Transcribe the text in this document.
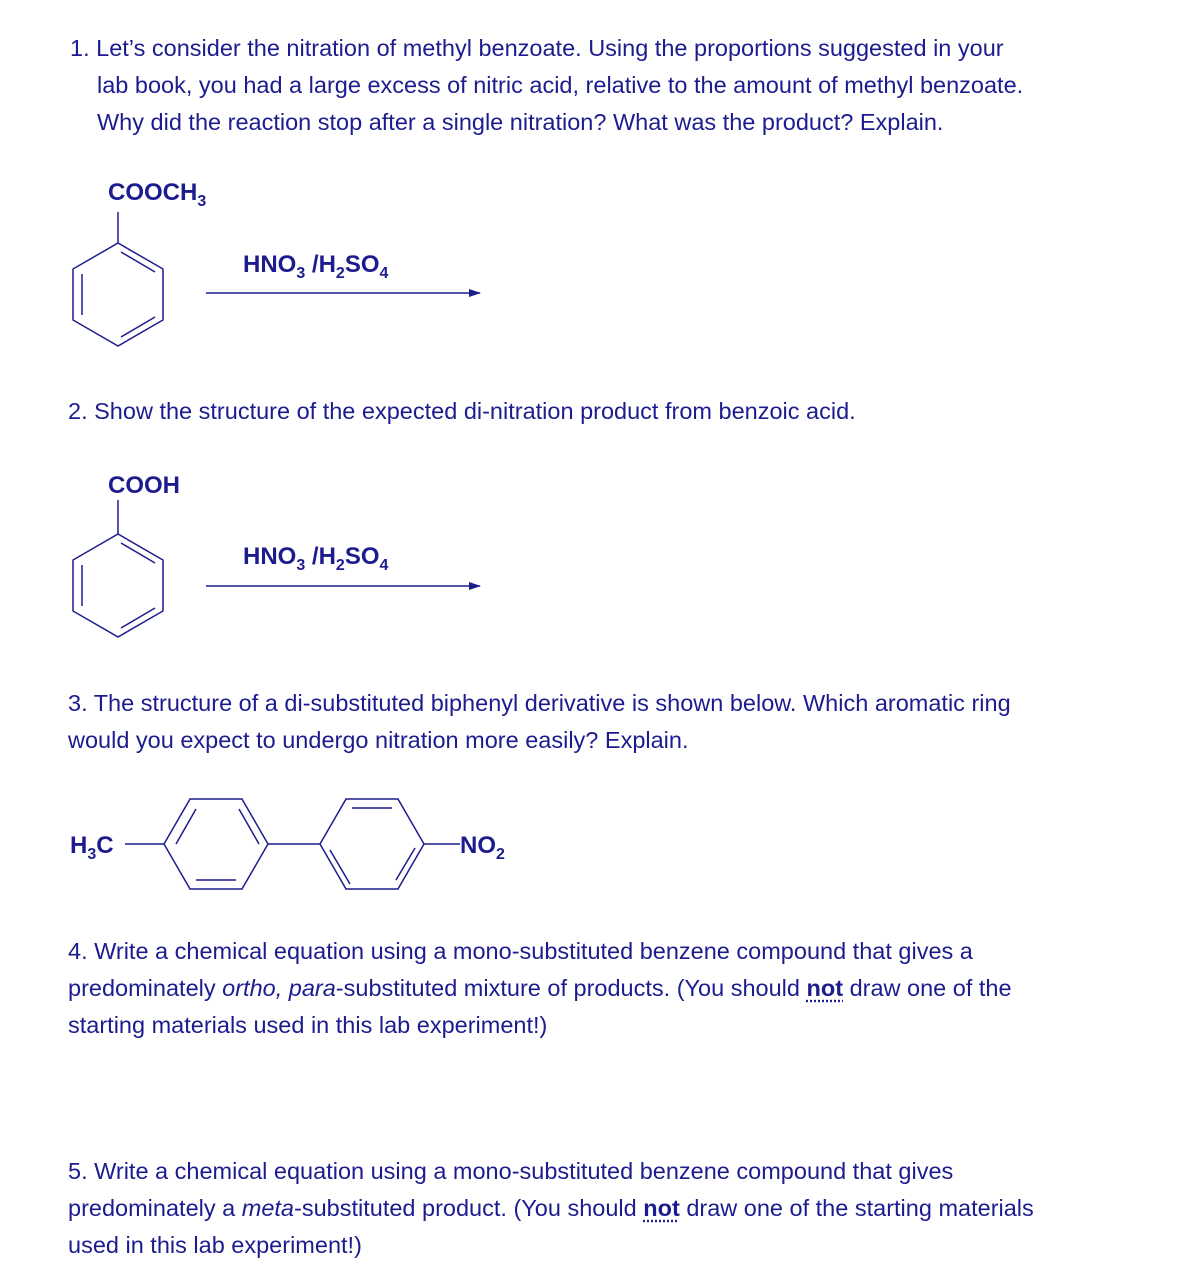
1. Let’s consider the nitration of methyl benzoate. Using the proportions suggested in your
lab book, you had a large excess of nitric acid, relative to the amount of methyl benzoate.
Why did the reaction stop after a single nitration? What was the product? Explain.
2. Show the structure of the expected di-nitration product from benzoic acid.
3. The structure of a di-substituted biphenyl derivative is shown below. Which aromatic ring
would you expect to undergo nitration more easily? Explain.
4. Write a chemical equation using a mono-substituted benzene compound that gives a
predominately ortho, para-substituted mixture of products. (You should not draw one of the
starting materials used in this lab experiment!)
5. Write a chemical equation using a mono-substituted benzene compound that gives
predominately a meta-substituted product. (You should not draw one of the starting materials
used in this lab experiment!)
$COOCH_3$
$HNO_3$ $/H_2SO_4$
COOH
$HNO_3$ $/H_2SO_4$
$H_3C$	$NO_2$
